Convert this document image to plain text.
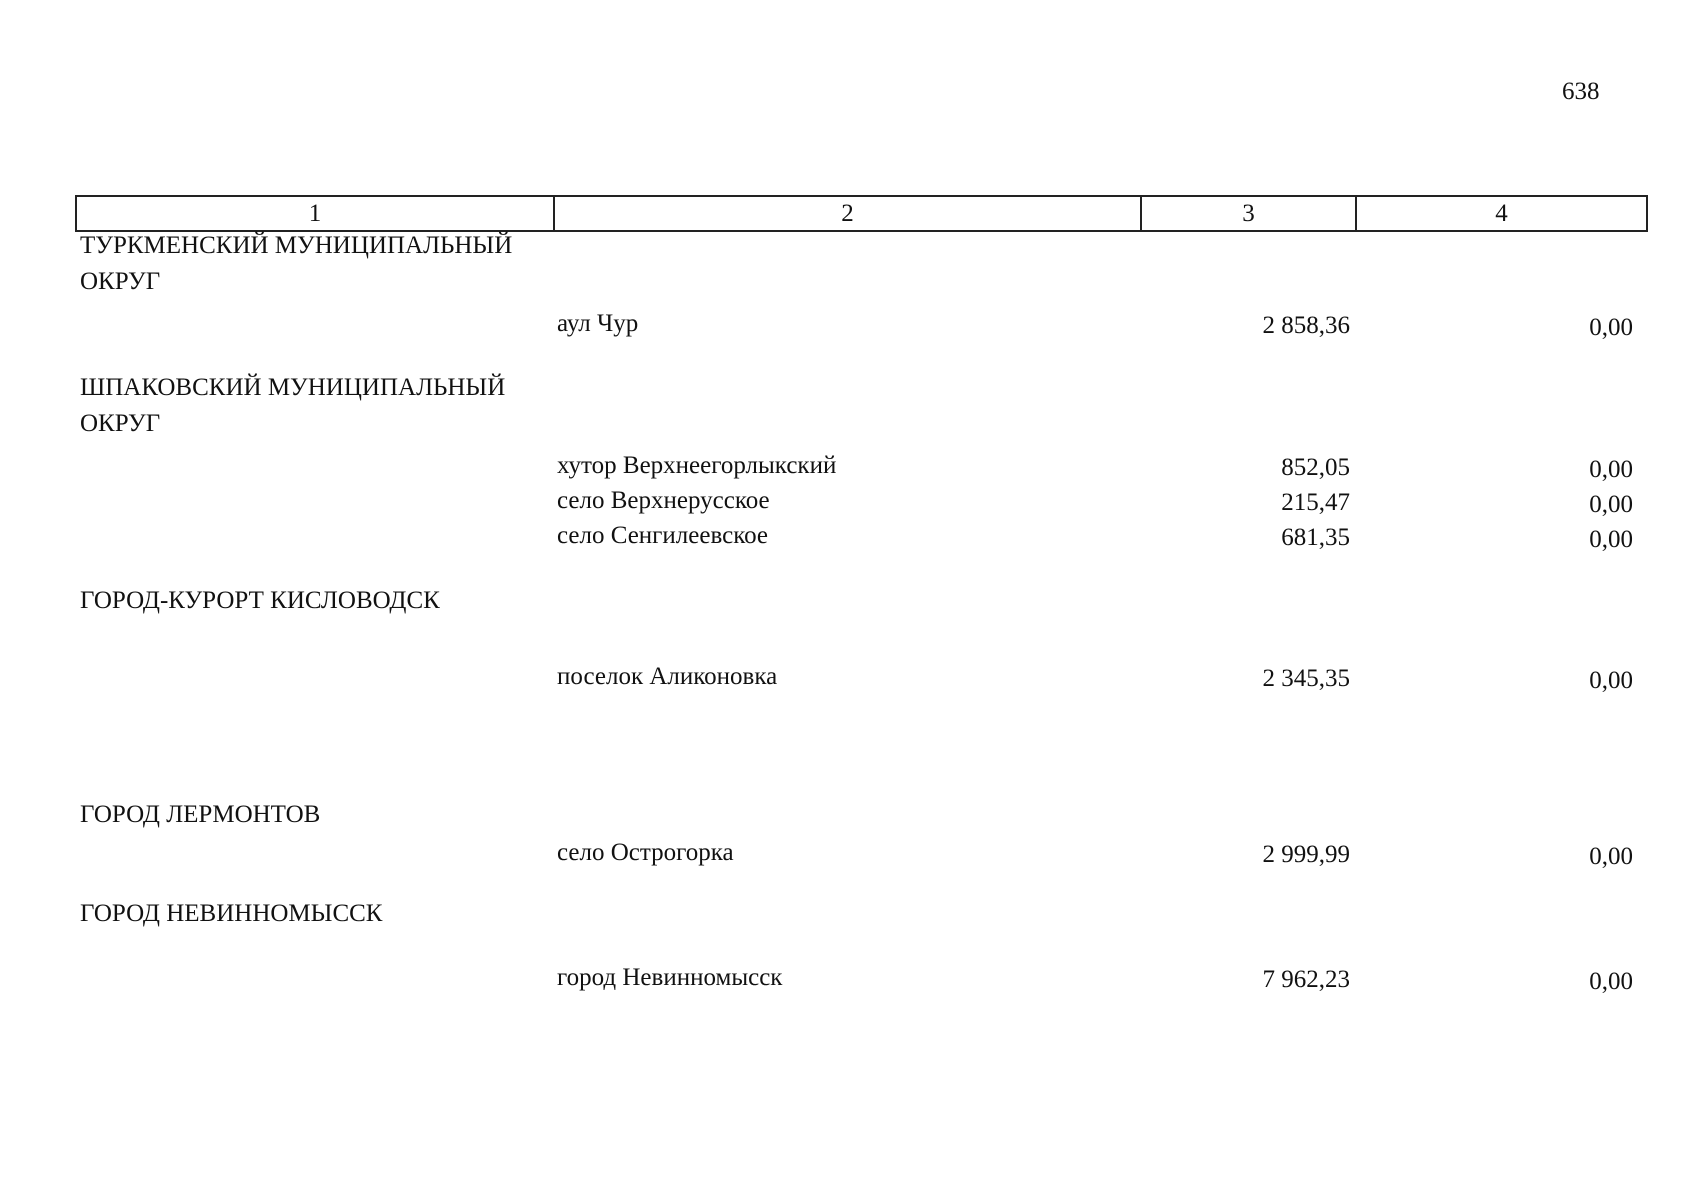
638
1	2	3	4
ТУРКМЕНСКИЙ МУНИЦИПАЛЬНЫЙ ОКРУГ
аул Чур	2 858,36	0,00
ШПАКОВСКИЙ МУНИЦИПАЛЬНЫЙ ОКРУГ
хутор Верхнеегорлыкский	852,05	0,00
село Верхнерусское	215,47	0,00
село Сенгилеевское	681,35	0,00
ГОРОД-КУРОРТ КИСЛОВОДСК
поселок Аликоновка	2 345,35	0,00
ГОРОД ЛЕРМОНТОВ
село Острогорка	2 999,99	0,00
ГОРОД НЕВИННОМЫССК
город Невинномысск	7 962,23	0,00
